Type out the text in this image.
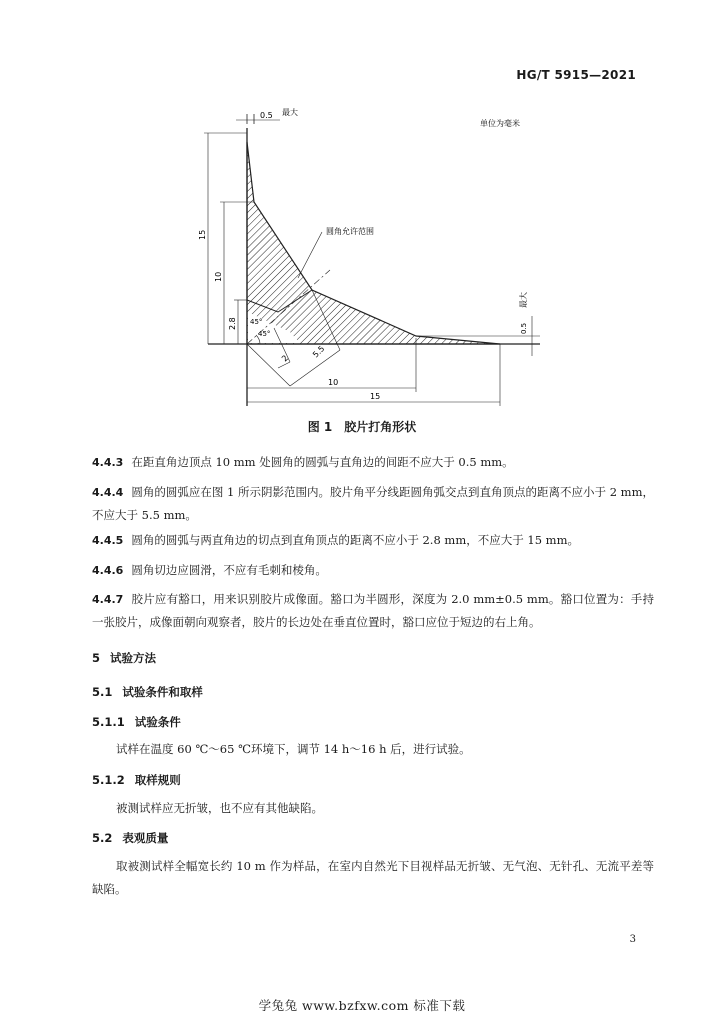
HG/T 5915—2021
0.5 最大
单位为毫米
15
10
2.8 45°
45°
圆角允许范围
2	5.5
10
15
0.5
最大
图 1　胶片打角形状
4.4.3 在距直角边顶点 10 mm 处圆角的圆弧与直角边的间距不应大于 0.5 mm。
4.4.4 圆角的圆弧应在图 1 所示阴影范围内。胶片角平分线距圆角弧交点到直角顶点的距离不应小于 2 mm，不应大于 5.5 mm。
4.4.5 圆角的圆弧与两直角边的切点到直角顶点的距离不应小于 2.8 mm，不应大于 15 mm。
4.4.6 圆角切边应圆滑，不应有毛刺和棱角。
4.4.7 胶片应有豁口，用来识别胶片成像面。豁口为半圆形，深度为 2.0 mm±0.5 mm。豁口位置为：手持一张胶片，成像面朝向观察者，胶片的长边处在垂直位置时，豁口应位于短边的右上角。
5 试验方法
5.1 试验条件和取样
5.1.1 试验条件
试样在温度 60 ℃～65 ℃环境下，调节 14 h～16 h 后，进行试验。
5.1.2 取样规则
被测试样应无折皱，也不应有其他缺陷。
5.2 表观质量
取被测试样全幅宽长约 10 m 作为样品，在室内自然光下目视样品无折皱、无气泡、无针孔、无流平差等缺陷。
3
学兔兔 www.bzfxw.com 标准下载
